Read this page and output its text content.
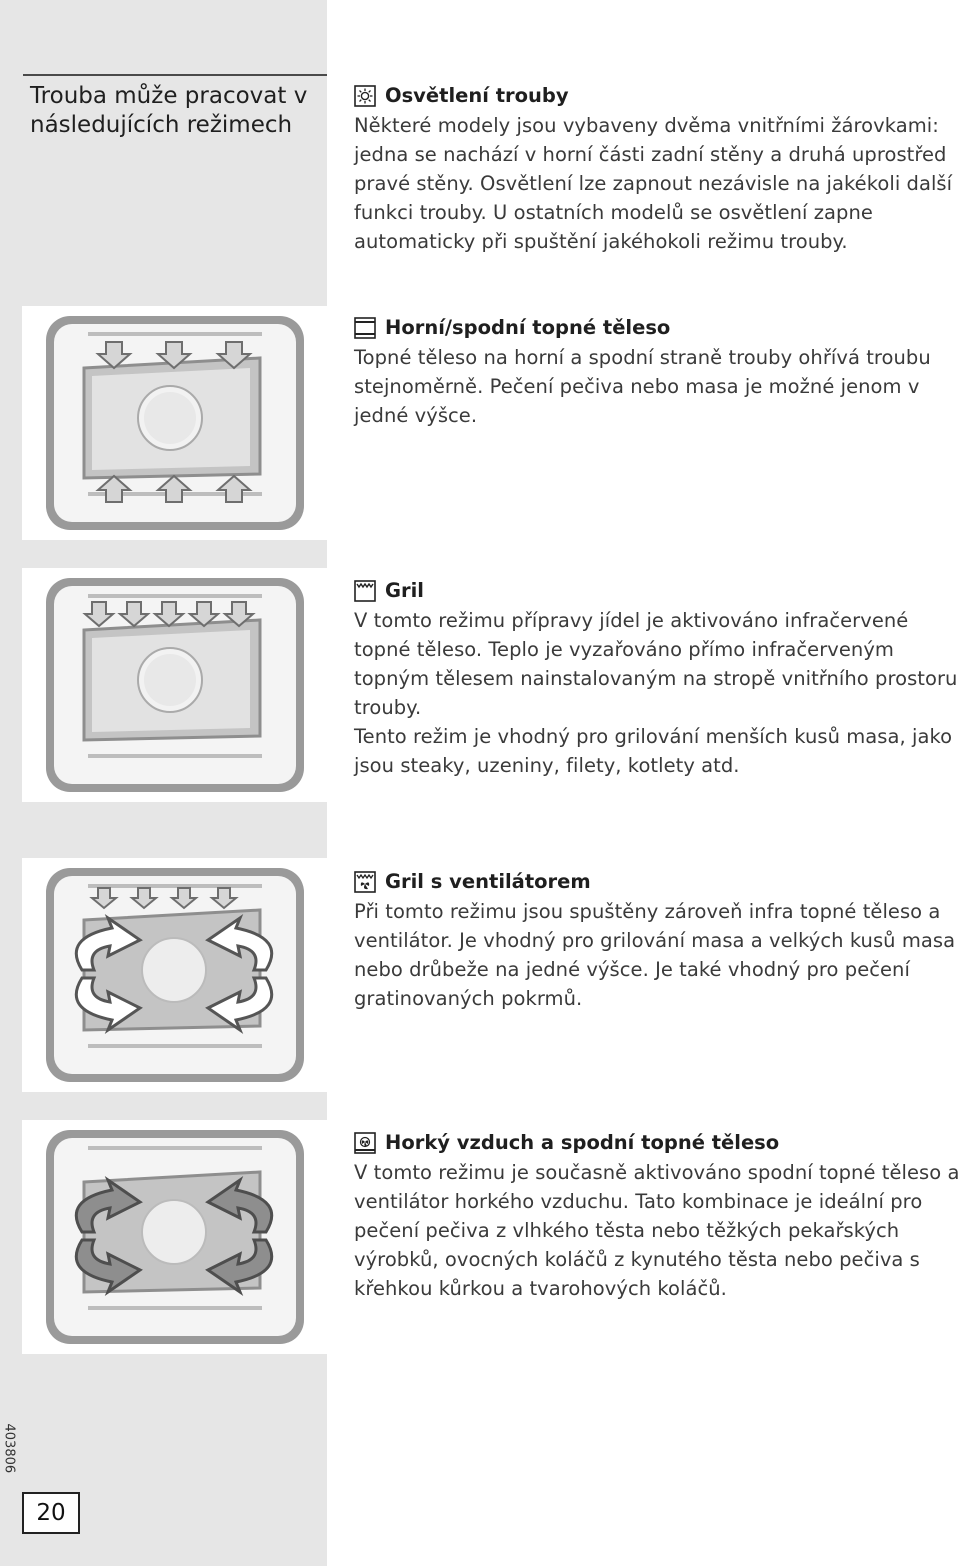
Trouba může pracovat v následujících režimech
Osvětlení trouby
Některé modely jsou vybaveny dvěma vnitřními žárovkami: jedna se nachází v horní části zadní stěny a druhá uprostřed pravé stěny. Osvětlení lze zapnout nezávisle na jakékoli další funkci trouby. U ostatních modelů se osvětlení zapne automaticky při spuštění jakéhokoli režimu trouby.
Horní/spodní topné těleso
Topné těleso na horní a spodní straně trouby ohřívá troubu stejnoměrně. Pečení pečiva nebo masa je možné jenom v jedné výšce.
Gril
V tomto režimu přípravy jídel je aktivováno infračervené topné těleso. Teplo je vyzařováno přímo infračerveným topným tělesem nainstalovaným na stropě vnitřního prostoru trouby.
Tento režim je vhodný pro grilování menších kusů masa, jako jsou steaky, uzeniny, filety, kotlety atd.
Gril s ventilátorem
Při tomto režimu jsou spuštěny zároveň infra topné těleso a ventilátor. Je vhodný pro grilování masa a velkých kusů masa nebo drůbeže na jedné výšce. Je také vhodný pro pečení gratinovaných pokrmů.
Horký vzduch a spodní topné těleso
V tomto režimu je současně aktivováno spodní topné těleso a ventilátor horkého vzduchu. Tato kombinace je ideální pro pečení pečiva z vlhkého těsta nebo těžkých pekařských výrobků, ovocných koláčů z kynutého těsta nebo pečiva s křehkou kůrkou a tvarohových koláčů.
403806
20
